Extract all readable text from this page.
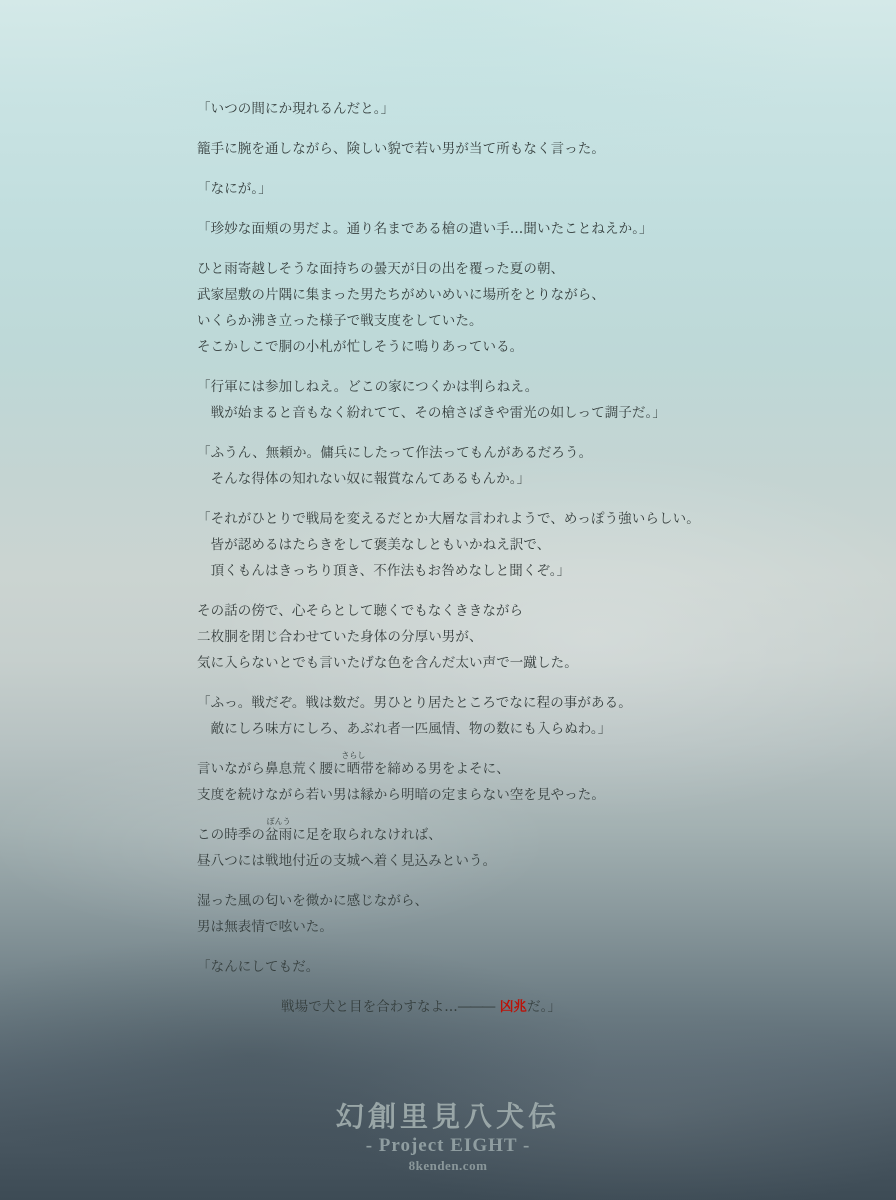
「いつの間にか現れるんだと。」

籠手に腕を通しながら、険しい貌で若い男が当て所もなく言った。

「なにが。」

「珍妙な面頬の男だよ。通り名まである槍の遣い手…聞いたことねえか。」

ひと雨寄越しそうな面持ちの曇天が日の出を覆った夏の朝、
武家屋敷の片隅に集まった男たちがめいめいに場所をとりながら、
いくらか沸き立った様子で戦支度をしていた。
そこかしこで胴の小札が忙しそうに鳴りあっている。

「行軍には参加しねえ。どこの家につくかは判らねえ。
　戦が始まると音もなく紛れてて、その槍さばきや雷光の如しって調子だ。」

「ふうん、無頼か。傭兵にしたって作法ってもんがあるだろう。
　そんな得体の知れない奴に報賞なんてあるもんか。」

「それがひとりで戦局を変えるだとか大層な言われようで、めっぽう強いらしい。
　皆が認めるはたらきをして褒美なしともいかねえ訳で、
　頂くもんはきっちり頂き、不作法もお咎めなしと聞くぞ。」

その話の傍で、心そらとして聴くでもなくききながら
二枚胴を閉じ合わせていた身体の分厚い男が、
気に入らないとでも言いたげな色を含んだ太い声で一蹴した。

「ふっ。戦だぞ。戦は数だ。男ひとり居たところでなに程の事がある。
　敵にしろ味方にしろ、あぶれ者一匹風情、物の数にも入らぬわ。」

言いながら鼻息荒く腰に晒
さらし
帯を締める男をよそに、
支度を続けながら若い男は縁から明暗の定まらない空を見やった。

この時季の盆雨
ぼんう
に足を取られなければ、
昼八つには戦地付近の支城へ着く見込みという。

湿った風の匂いを微かに感じながら、
男は無表情で呟いた。

「なんにしてもだ。

戦場で犬と目を合わすなよ…――― 凶兆だ。」

幻創里見八犬伝
- Project EIGHT -
8kenden.com
